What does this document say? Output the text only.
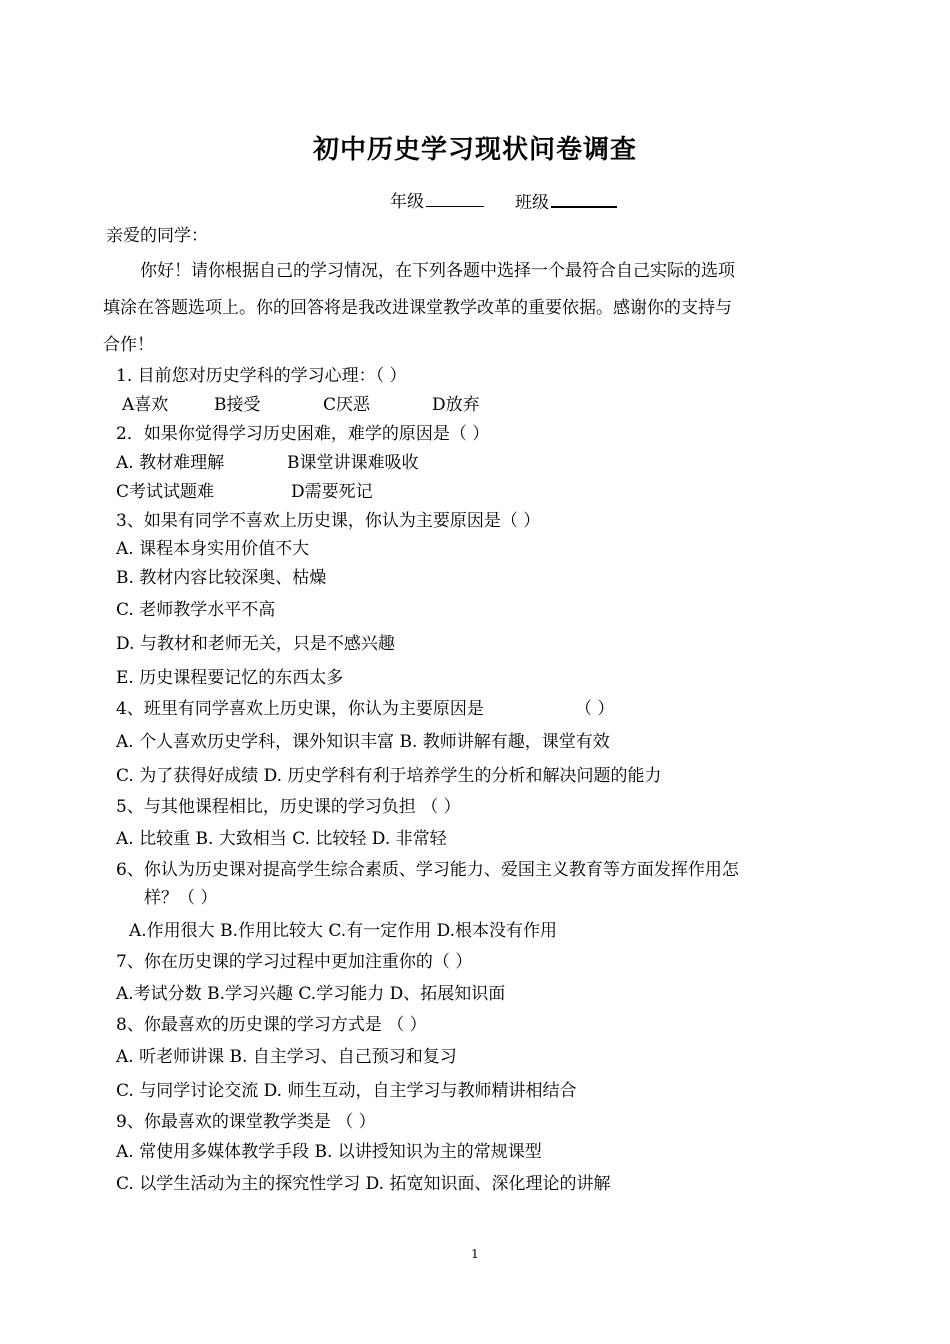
初中历史学习现状问卷调查
年级	班级
亲爱的同学：
你好！请你根据自己的学习情况，在下列各题中选择一个最符合自己实际的选项
填涂在答题选项上。你的回答将是我改进课堂教学改革的重要依据。感谢你的支持与
合作！
1. 目前您对历史学科的学习心理：（ ）
A喜欢	B接受	C厌恶	D放弃
2．如果你觉得学习历史困难，难学的原因是（ ）
A. 教材难理解	B课堂讲课难吸收
C考试试题难	D需要死记
3、如果有同学不喜欢上历史课，你认为主要原因是（ ）
A. 课程本身实用价值不大
B. 教材内容比较深奥、枯燥
C. 老师教学水平不高
D. 与教材和老师无关，只是不感兴趣
E. 历史课程要记忆的东西太多
4、班里有同学喜欢上历史课，你认为主要原因是	（ ）
A. 个人喜欢历史学科，课外知识丰富 B. 教师讲解有趣，课堂有效
C. 为了获得好成绩 D. 历史学科有利于培养学生的分析和解决问题的能力
5、与其他课程相比，历史课的学习负担 （ ）
A. 比较重 B. 大致相当 C. 比较轻 D. 非常轻
6、你认为历史课对提高学生综合素质、学习能力、爱国主义教育等方面发挥作用怎
样？（ ）
A.作用很大 B.作用比较大 C.有一定作用 D.根本没有作用
7、你在历史课的学习过程中更加注重你的（ ）
A.考试分数 B.学习兴趣 C.学习能力 D、拓展知识面
8、你最喜欢的历史课的学习方式是 （ ）
A. 听老师讲课 B. 自主学习、自己预习和复习
C. 与同学讨论交流 D. 师生互动，自主学习与教师精讲相结合
9、你最喜欢的课堂教学类是 （ ）
A. 常使用多媒体教学手段 B. 以讲授知识为主的常规课型
C. 以学生活动为主的探究性学习 D. 拓宽知识面、深化理论的讲解
1
